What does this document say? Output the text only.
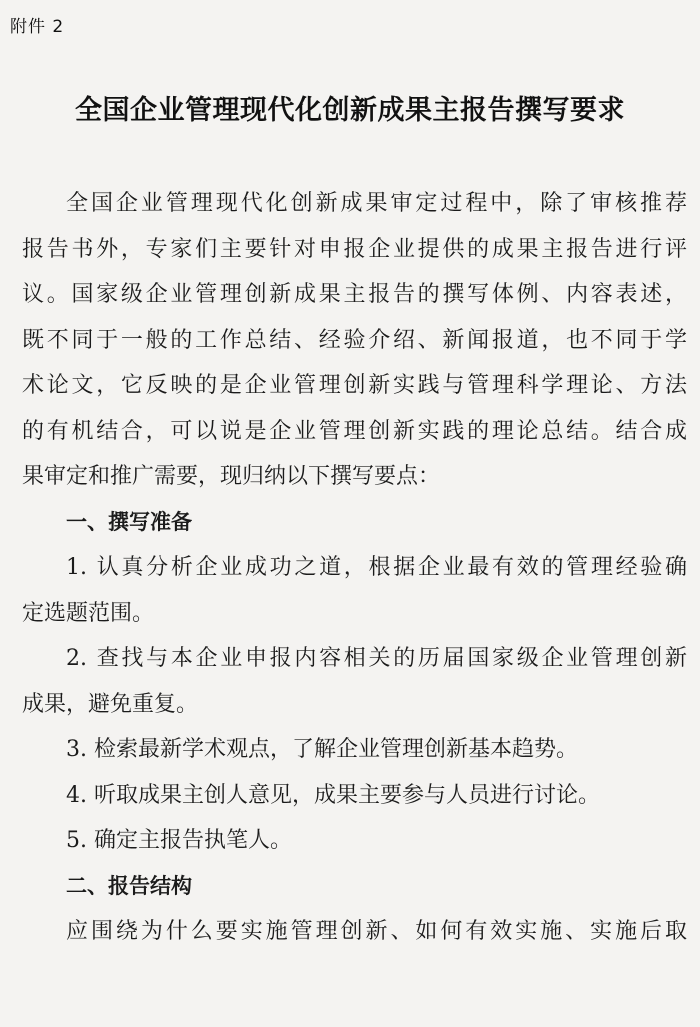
附件 2
全国企业管理现代化创新成果主报告撰写要求

全国企业管理现代化创新成果审定过程中，除了审核推荐
报告书外，专家们主要针对申报企业提供的成果主报告进行评
议。国家级企业管理创新成果主报告的撰写体例、内容表述，
既不同于一般的工作总结、经验介绍、新闻报道，也不同于学
术论文，它反映的是企业管理创新实践与管理科学理论、方法
的有机结合，可以说是企业管理创新实践的理论总结。结合成
果审定和推广需要，现归纳以下撰写要点：

一、撰写准备

1. 认真分析企业成功之道，根据企业最有效的管理经验确
定选题范围。

2. 查找与本企业申报内容相关的历届国家级企业管理创新
成果，避免重复。

3. 检索最新学术观点，了解企业管理创新基本趋势。

4. 听取成果主创人意见，成果主要参与人员进行讨论。

5. 确定主报告执笔人。

二、报告结构

应围绕为什么要实施管理创新、如何有效实施、实施后取
